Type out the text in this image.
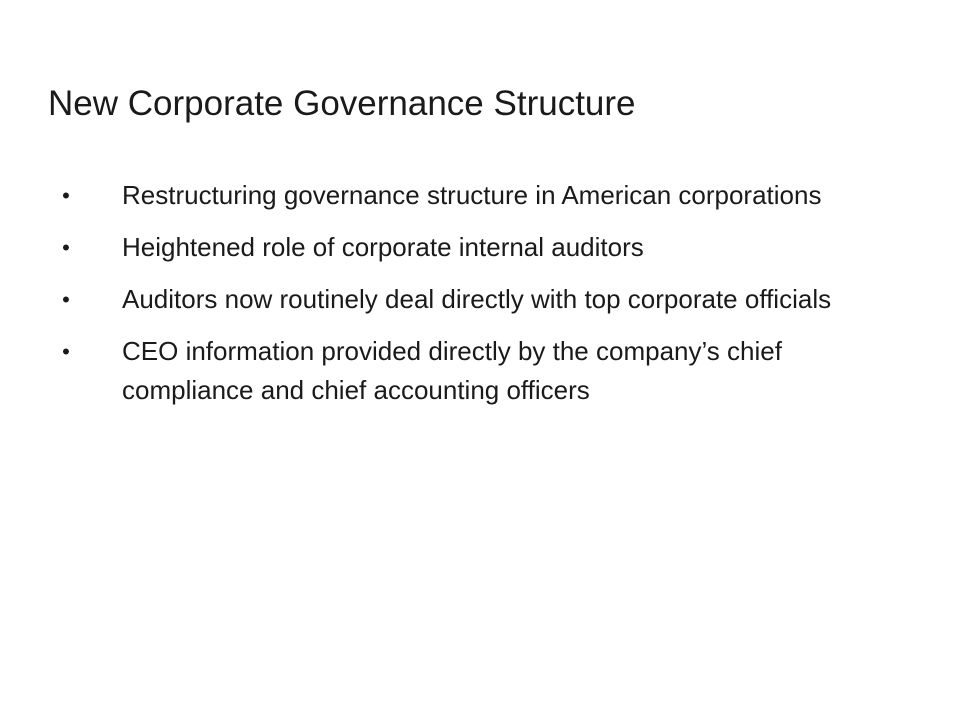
New Corporate Governance Structure
• Restructuring governance structure in American corporations
• Heightened role of corporate internal auditors
• Auditors now routinely deal directly with top corporate officials
• CEO information provided directly by the company’s chief compliance and chief accounting officers
